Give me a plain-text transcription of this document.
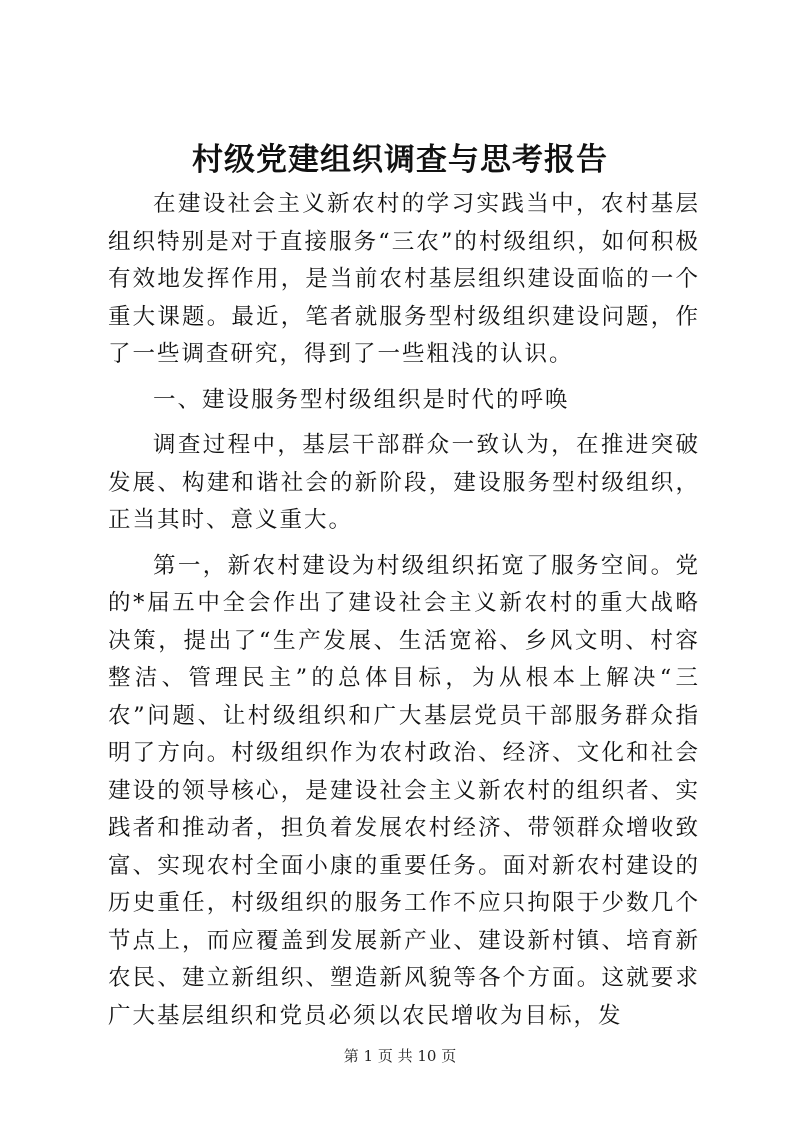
村级党建组织调查与思考报告

在建设社会主义新农村的学习实践当中，农村基层组织特别是对于直接服务“三农”的村级组织，如何积极有效地发挥作用，是当前农村基层组织建设面临的一个重大课题。最近，笔者就服务型村级组织建设问题，作了一些调查研究，得到了一些粗浅的认识。

一、建设服务型村级组织是时代的呼唤

调查过程中，基层干部群众一致认为，在推进突破发展、构建和谐社会的新阶段，建设服务型村级组织，正当其时、意义重大。

第一，新农村建设为村级组织拓宽了服务空间。党的*届五中全会作出了建设社会主义新农村的重大战略决策，提出了“生产发展、生活宽裕、乡风文明、村容整洁、管理民主”的总体目标，为从根本上解决“三农”问题、让村级组织和广大基层党员干部服务群众指明了方向。村级组织作为农村政治、经济、文化和社会建设的领导核心，是建设社会主义新农村的组织者、实践者和推动者，担负着发展农村经济、带领群众增收致富、实现农村全面小康的重要任务。面对新农村建设的历史重任，村级组织的服务工作不应只拘限于少数几个节点上，而应覆盖到发展新产业、建设新村镇、培育新农民、建立新组织、塑造新风貌等各个方面。这就要求广大基层组织和党员必须以农民增收为目标，发

第 1 页 共 10 页
